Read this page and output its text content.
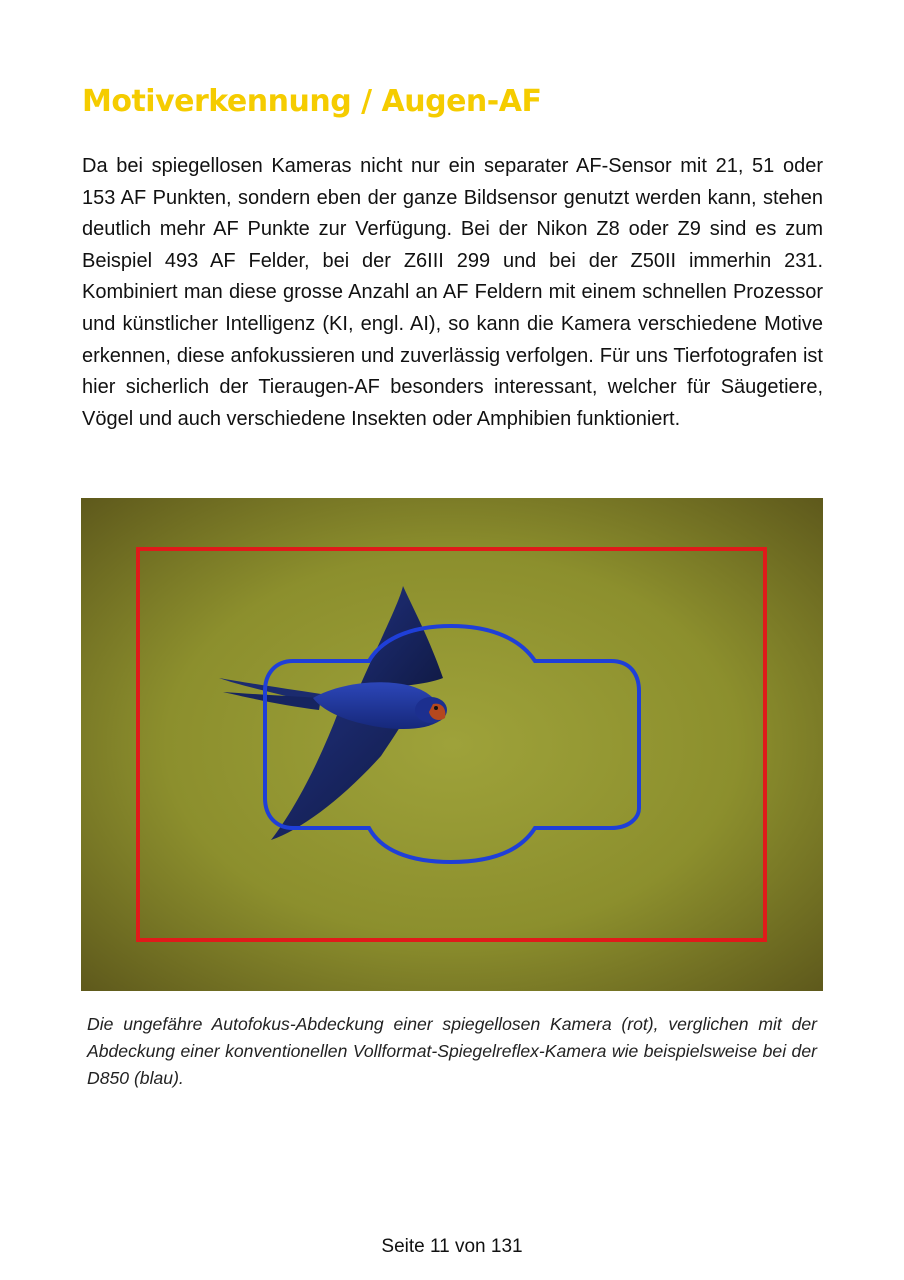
Motiverkennung / Augen-AF

Da bei spiegellosen Kameras nicht nur ein separater AF-Sensor mit 21, 51 oder 153 AF Punkten, sondern eben der ganze Bildsensor genutzt werden kann, stehen deutlich mehr AF Punkte zur Verfügung. Bei der Nikon Z8 oder Z9 sind es zum Beispiel 493 AF Felder, bei der Z6III 299 und bei der Z50II immerhin 231. Kombiniert man diese grosse Anzahl an AF Feldern mit einem schnellen Prozessor und künstlicher Intelligenz (KI, engl. AI), so kann die Kamera verschiedene Motive erkennen, diese anfokussieren und zuverlässig verfolgen. Für uns Tierfotografen ist hier sicherlich der Tieraugen-AF besonders interessant, welcher für Säugetiere, Vögel und auch verschiedene Insekten oder Amphibien funktioniert.

Die ungefähre Autofokus-Abdeckung einer spiegellosen Kamera (rot), verglichen mit der Abdeckung einer konventionellen Vollformat-Spiegelreflex-Kamera wie beispielsweise bei der D850 (blau).

Seite 11 von 131
